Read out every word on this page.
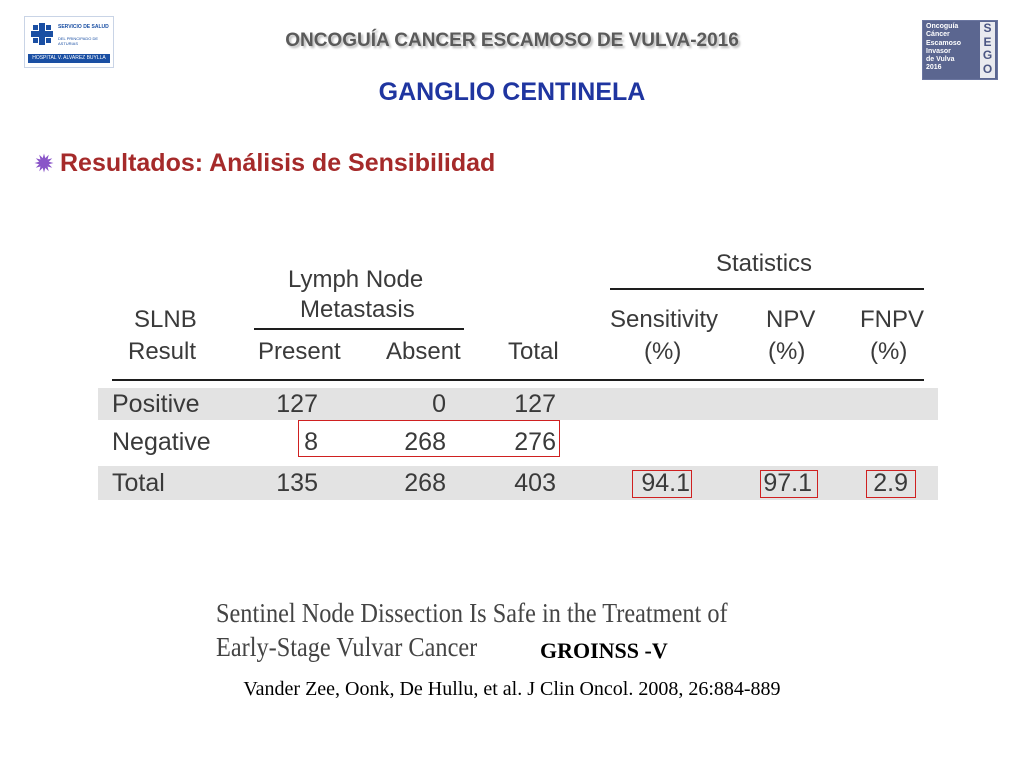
SERVICIO DE SALUD
DEL PRINCIPADO DE ASTURIAS
HOSPITAL V. ALVAREZ BUYLLA
ONCOGUÍA CANCER ESCAMOSO DE VULVA-2016
Oncoguía
Cáncer
Escamoso
Invasor
de Vulva
2016
S
E
G
O
GANGLIO CENTINELA
Resultados: Análisis de Sensibilidad
SLNB
Result
Lymph Node
Metastasis
Statistics
Present Absent Total
Sensitivity
(%)
NPV
(%)
FNPV
(%)
Positive	127	0	127
Negative	8	268	276
Total	135	268	403	94.1	97.1 2.9
Sentinel Node Dissection Is Safe in the Treatment of
Early-Stage Vulvar Cancer	GROINSS -V
Vander Zee, Oonk, De Hullu, et al. J Clin Oncol. 2008, 26:884-889
